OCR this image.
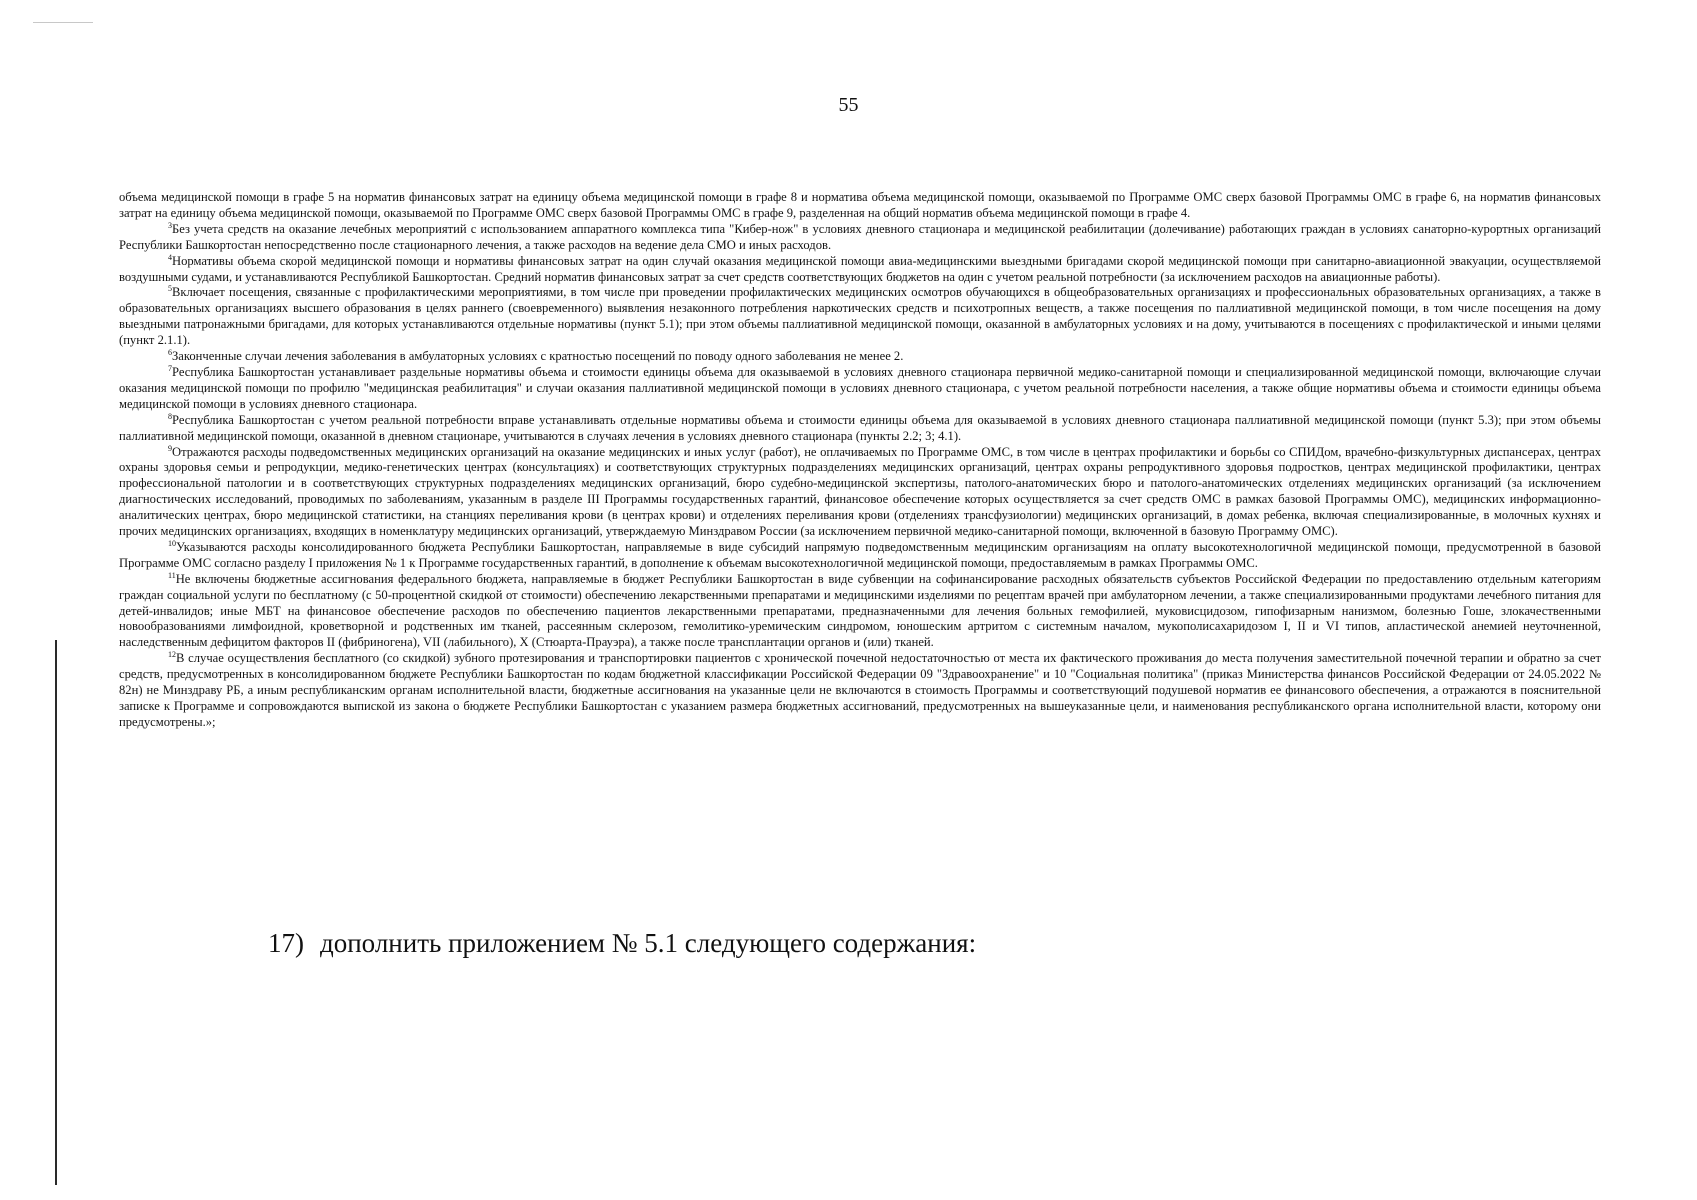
55

объема медицинской помощи в графе 5 на норматив финансовых затрат на единицу объема медицинской помощи в графе 8 и норматива объема медицинской помощи, оказываемой по Программе ОМС сверх базовой Программы ОМС в графе 6, на норматив финансовых затрат на единицу объема медицинской помощи, оказываемой по Программе ОМС сверх базовой Программы ОМС в графе 9, разделенная на общий норматив объема медицинской помощи в графе 4.

$^3$Без учета средств на оказание лечебных мероприятий с использованием аппаратного комплекса типа "Кибер-нож" в условиях дневного стационара и медицинской реабилитации (долечивание) работающих граждан в условиях санаторно-курортных организаций Республики Башкортостан непосредственно после стационарного лечения, а также расходов на ведение дела СМО и иных расходов.

$^4$Нормативы объема скорой медицинской помощи и нормативы финансовых затрат на один случай оказания медицинской помощи авиа-медицинскими выездными бригадами скорой медицинской помощи при санитарно-авиационной эвакуации, осуществляемой воздушными судами, и устанавливаются Республикой Башкортостан. Средний норматив финансовых затрат за счет средств соответствующих бюджетов на один с учетом реальной потребности (за исключением расходов на авиационные работы).

$^5$Включает посещения, связанные с профилактическими мероприятиями, в том числе при проведении профилактических медицинских осмотров обучающихся в общеобразовательных организациях и профессиональных образовательных организациях, а также в образовательных организациях высшего образования в целях раннего (своевременного) выявления незаконного потребления наркотических средств и психотропных веществ, а также посещения по паллиативной медицинской помощи, в том числе посещения на дому выездными патронажными бригадами, для которых устанавливаются отдельные нормативы (пункт 5.1); при этом объемы паллиативной медицинской помощи, оказанной в амбулаторных условиях и на дому, учитываются в посещениях с профилактической и иными целями (пункт 2.1.1).

$^6$Законченные случаи лечения заболевания в амбулаторных условиях с кратностью посещений по поводу одного заболевания не менее 2.

$^7$Республика Башкортостан устанавливает раздельные нормативы объема и стоимости единицы объема для оказываемой в условиях дневного стационара первичной медико-санитарной помощи и специализированной медицинской помощи, включающие случаи оказания медицинской помощи по профилю "медицинская реабилитация" и случаи оказания паллиативной медицинской помощи в условиях дневного стационара, с учетом реальной потребности населения, а также общие нормативы объема и стоимости единицы объема медицинской помощи в условиях дневного стационара.

$^8$Республика Башкортостан с учетом реальной потребности вправе устанавливать отдельные нормативы объема и стоимости единицы объема для оказываемой в условиях дневного стационара паллиативной медицинской помощи (пункт 5.3); при этом объемы паллиативной медицинской помощи, оказанной в дневном стационаре, учитываются в случаях лечения в условиях дневного стационара (пункты 2.2; 3; 4.1).

$^9$Отражаются расходы подведомственных медицинских организаций на оказание медицинских и иных услуг (работ), не оплачиваемых по Программе ОМС, в том числе в центрах профилактики и борьбы со СПИДом, врачебно-физкультурных диспансерах, центрах охраны здоровья семьи и репродукции, медико-генетических центрах (консультациях) и соответствующих структурных подразделениях медицинских организаций, центрах охраны репродуктивного здоровья подростков, центрах медицинской профилактики, центрах профессиональной патологии и в соответствующих структурных подразделениях медицинских организаций, бюро судебно-медицинской экспертизы, патолого-анатомических бюро и патолого-анатомических отделениях медицинских организаций (за исключением диагностических исследований, проводимых по заболеваниям, указанным в разделе III Программы государственных гарантий, финансовое обеспечение которых осуществляется за счет средств ОМС в рамках базовой Программы ОМС), медицинских информационно-аналитических центрах, бюро медицинской статистики, на станциях переливания крови (в центрах крови) и отделениях переливания крови (отделениях трансфузиологии) медицинских организаций, в домах ребенка, включая специализированные, в молочных кухнях и прочих медицинских организациях, входящих в номенклатуру медицинских организаций, утверждаемую Минздравом России (за исключением первичной медико-санитарной помощи, включенной в базовую Программу ОМС).

$^{10}$Указываются расходы консолидированного бюджета Республики Башкортостан, направляемые в виде субсидий напрямую подведомственным медицинским организациям на оплату высокотехнологичной медицинской помощи, предусмотренной в базовой Программе ОМС согласно разделу I приложения № 1 к Программе государственных гарантий, в дополнение к объемам высокотехнологичной медицинской помощи, предоставляемым в рамках Программы ОМС.

$^{11}$Не включены бюджетные ассигнования федерального бюджета, направляемые в бюджет Республики Башкортостан в виде субвенции на софинансирование расходных обязательств субъектов Российской Федерации по предоставлению отдельным категориям граждан социальной услуги по бесплатному (с 50-процентной скидкой от стоимости) обеспечению лекарственными препаратами и медицинскими изделиями по рецептам врачей при амбулаторном лечении, а также специализированными продуктами лечебного питания для детей-инвалидов; иные МБТ на финансовое обеспечение расходов по обеспечению пациентов лекарственными препаратами, предназначенными для лечения больных гемофилией, муковисцидозом, гипофизарным нанизмом, болезнью Гоше, злокачественными новообразованиями лимфоидной, кроветворной и родственных им тканей, рассеянным склерозом, гемолитико-уремическим синдромом, юношеским артритом с системным началом, мукополисахаридозом I, II и VI типов, апластической анемией неуточненной, наследственным дефицитом факторов II (фибриногена), VII (лабильного), X (Стюарта-Прауэра), а также после трансплантации органов и (или) тканей.

$^{12}$В случае осуществления бесплатного (со скидкой) зубного протезирования и транспортировки пациентов с хронической почечной недостаточностью от места их фактического проживания до места получения заместительной почечной терапии и обратно за счет средств, предусмотренных в консолидированном бюджете Республики Башкортостан по кодам бюджетной классификации Российской Федерации 09 "Здравоохранение" и 10 "Социальная политика" (приказ Министерства финансов Российской Федерации от 24.05.2022 № 82н) не Минздраву РБ, а иным республиканским органам исполнительной власти, бюджетные ассигнования на указанные цели не включаются в стоимость Программы и соответствующий подушевой норматив ее финансового обеспечения, а отражаются в пояснительной записке к Программе и сопровождаются выпиской из закона о бюджете Республики Башкортостан с указанием размера бюджетных ассигнований, предусмотренных на вышеуказанные цели, и наименования республиканского органа исполнительной власти, которому они предусмотрены.»;

17) дополнить приложением № 5.1 следующего содержания:
